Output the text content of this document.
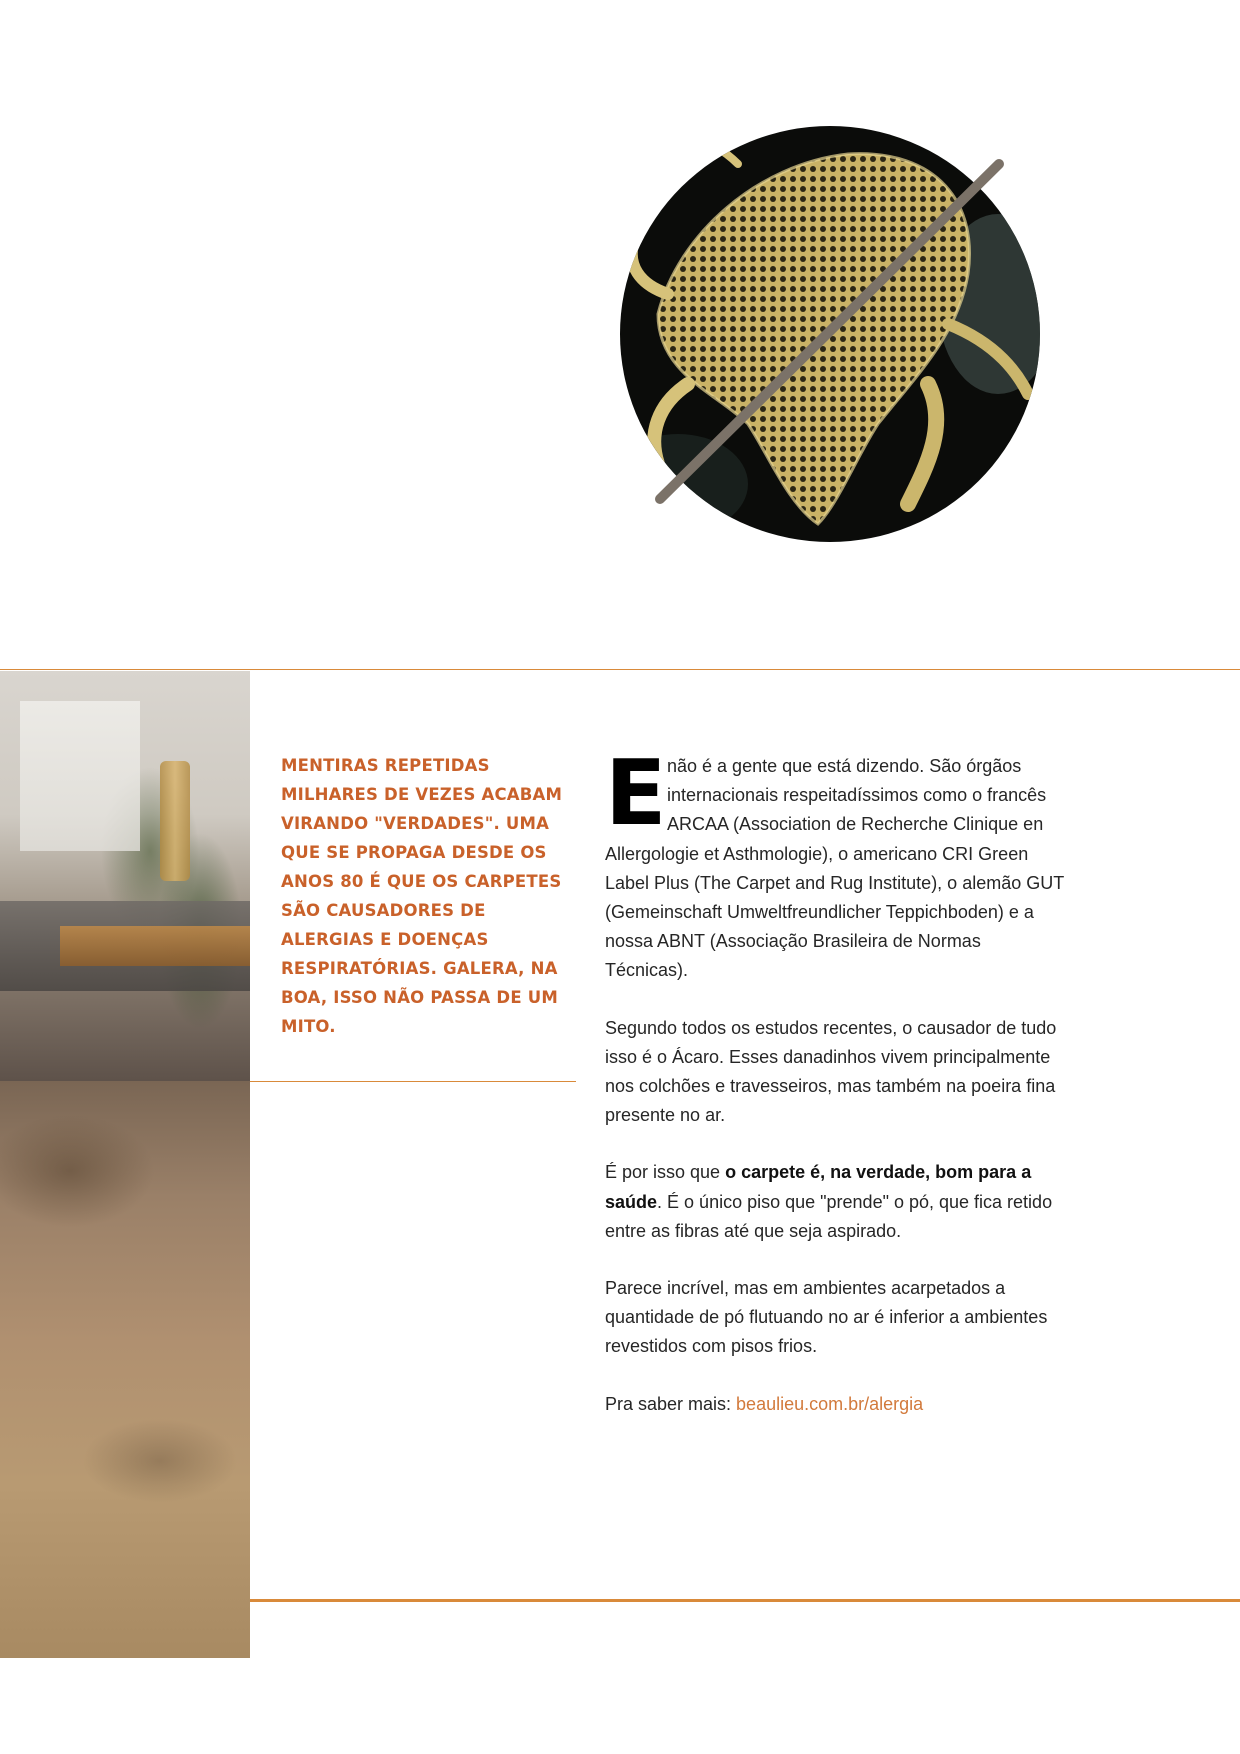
MENTIRAS REPETIDAS MILHARES DE VEZES ACABAM VIRANDO "VERDADES". UMA QUE SE PROPAGA DESDE OS ANOS 80 É QUE OS CARPETES SÃO CAUSADORES DE ALERGIAS E DOENÇAS RESPIRATÓRIAS. GALERA, NA BOA, ISSO NÃO PASSA DE UM MITO.

Enão é a gente que está dizendo. São órgãos internacionais respeitadíssimos como o francês ARCAA (Association de Recherche Clinique en Allergologie et Asthmologie), o americano CRI Green Label Plus (The Carpet and Rug Institute), o alemão GUT (Gemeinschaft Umweltfreundlicher Teppichboden) e a nossa ABNT (Associação Brasileira de Normas Técnicas).

Segundo todos os estudos recentes, o causador de tudo isso é o Ácaro. Esses danadinhos vivem principalmente nos colchões e travesseiros, mas também na poeira fina presente no ar.

É por isso que o carpete é, na verdade, bom para a saúde. É o único piso que "prende" o pó, que fica retido entre as fibras até que seja aspirado.

Parece incrível, mas em ambientes acarpetados a quantidade de pó flutuando no ar é inferior a ambientes revestidos com pisos frios.

Pra saber mais: beaulieu.com.br/alergia
